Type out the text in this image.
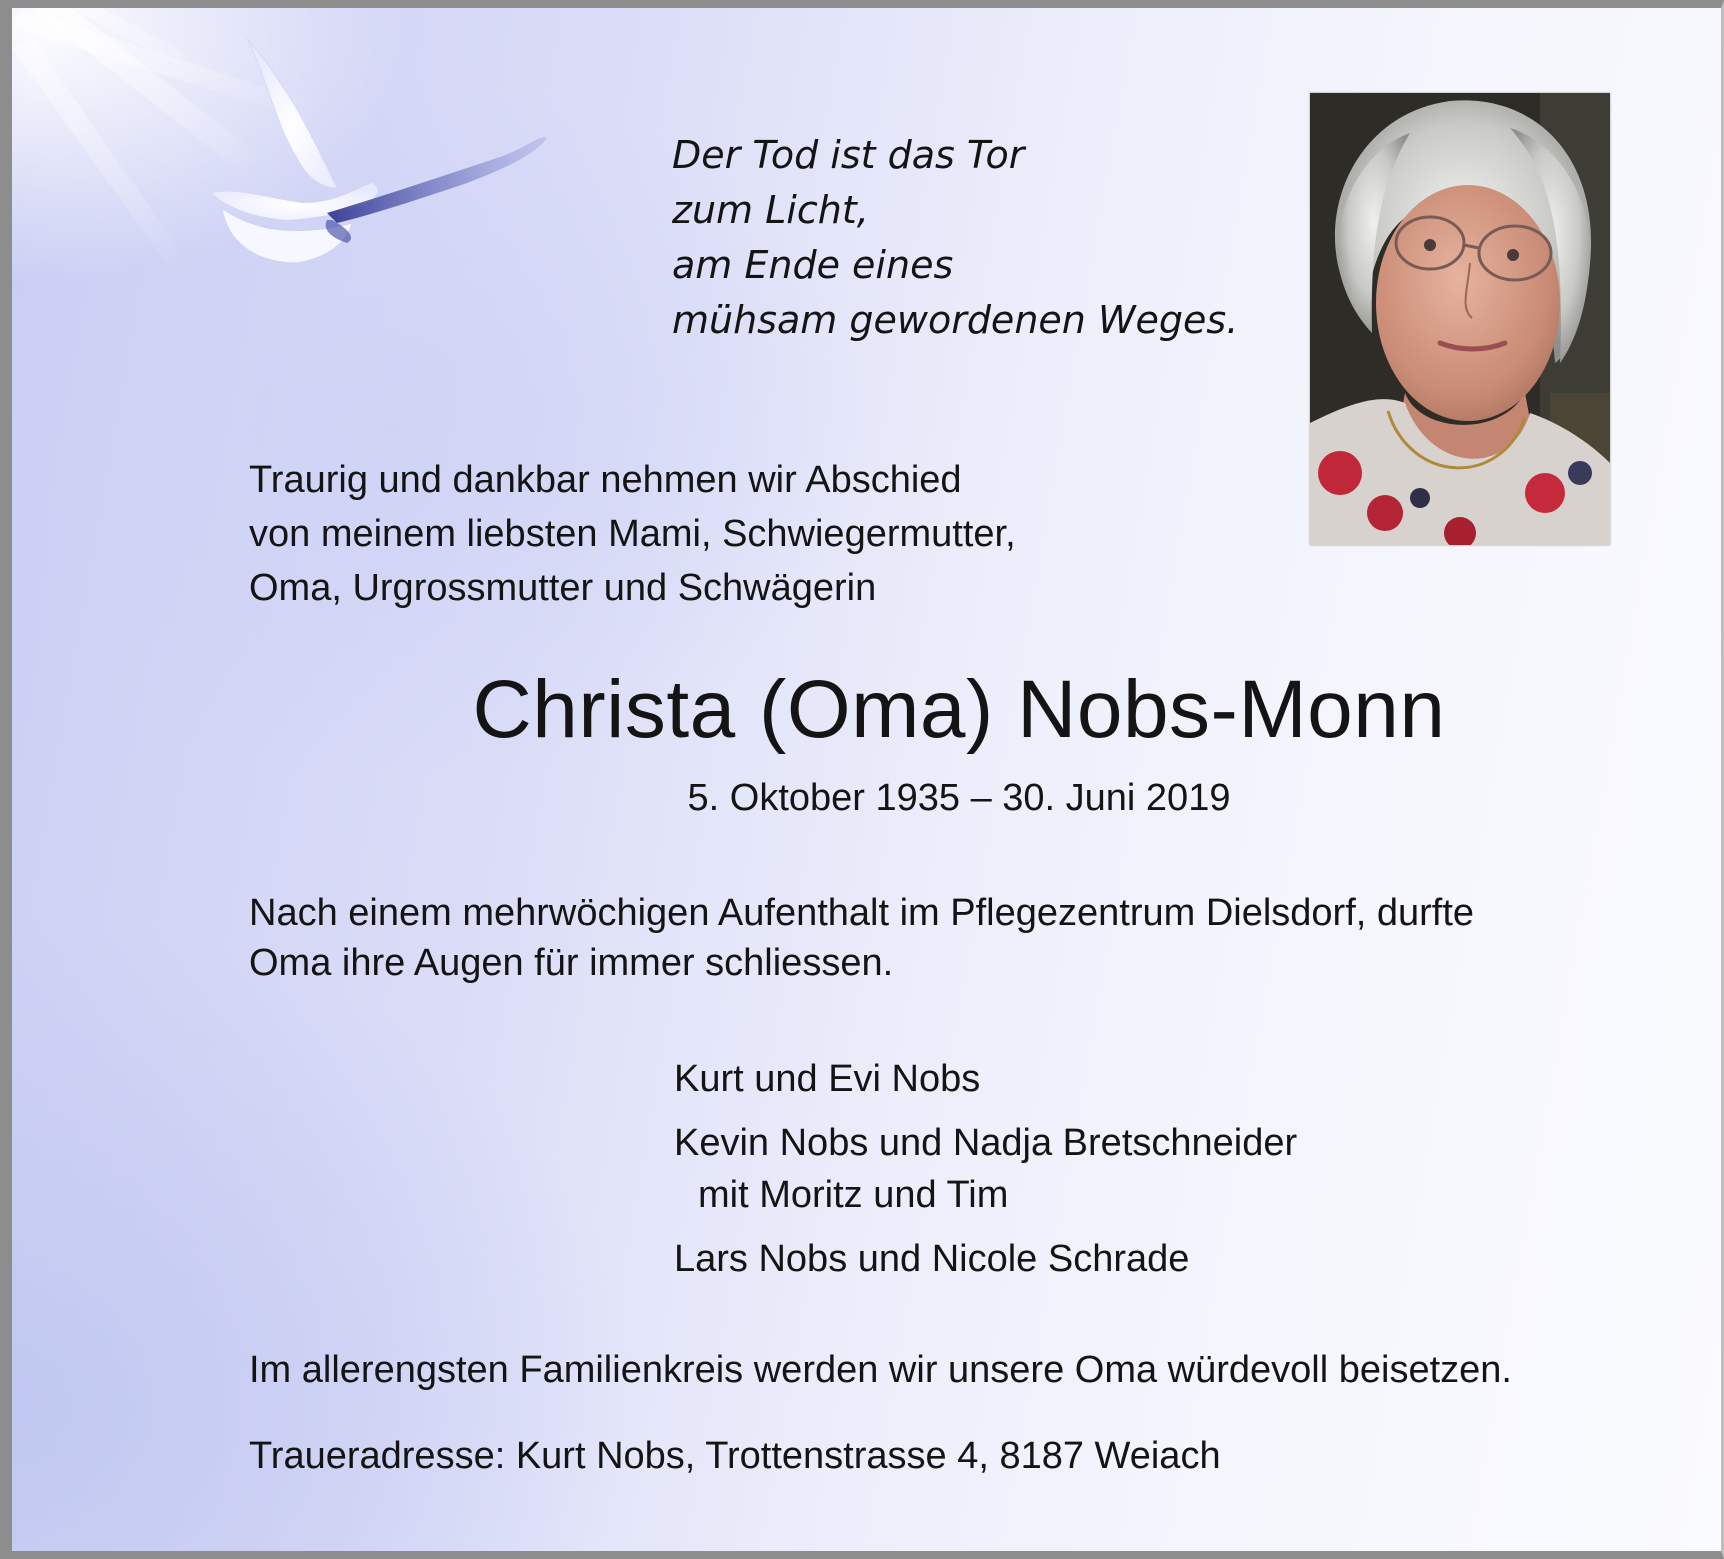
Der Tod ist das Tor
zum Licht,
am Ende eines
mühsam gewordenen Weges.
Traurig und dankbar nehmen wir Abschied
von meinem liebsten Mami, Schwiegermutter,
Oma, Urgrossmutter und Schwägerin
Christa (Oma) Nobs-Monn
5. Oktober 1935 – 30. Juni 2019
Nach einem mehrwöchigen Aufenthalt im Pflegezentrum Dielsdorf, durfte
Oma ihre Augen für immer schliessen.
Kurt und Evi Nobs
Kevin Nobs und Nadja Bretschneider
mit Moritz und Tim
Lars Nobs und Nicole Schrade
Im allerengsten Familienkreis werden wir unsere Oma würdevoll beisetzen.
Traueradresse: Kurt Nobs, Trottenstrasse 4, 8187 Weiach
